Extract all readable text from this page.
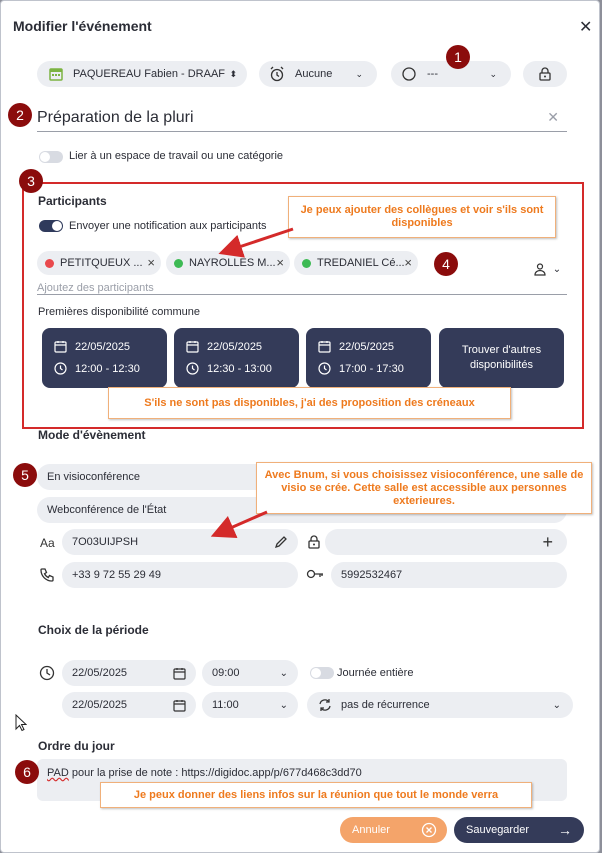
Modifier l'événement	✕
PAQUEREAU Fabien - DRAAF ⬍	Aucune	⌄	---	⌄
Préparation de la pluri	✕
Lier à un espace de travail ou une catégorie
Participants
Envoyer une notification aux participants
PETITQUEUX ... ×	NAYROLLES M... ×	TREDANIEL Cé... ×	⌄
Ajoutez des participants
Premières disponibilité commune
22/05/2025
12:00 - 12:30
22/05/2025
12:30 - 13:00
22/05/2025
17:00 - 17:30
Trouver d'autres disponibilités
Mode d'évènement
En visioconférence
Webconférence de l'État
Aa 7O03UIJPSH	+
+33 9 72 55 29 49	5992532467
Choix de la période
22/05/2025	09:00	⌄	Journée entière
22/05/2025	11:00	⌄	pas de récurrence	⌄
Ordre du jour
PAD pour la prise de note : https://digidoc.app/p/677d468c3dd70
Annuler	Sauvegarder →
Je peux ajouter des collègues et voir s'ils sont disponibles
S'ils ne sont pas disponibles, j'ai des proposition des créneaux
Avec Bnum, si vous choisissez visioconférence, une salle de visio se crée. Cette salle est accessible aux personnes exterieures.
Je peux donner des liens infos sur la réunion que tout le monde verra
1
2
3
4
5
6
